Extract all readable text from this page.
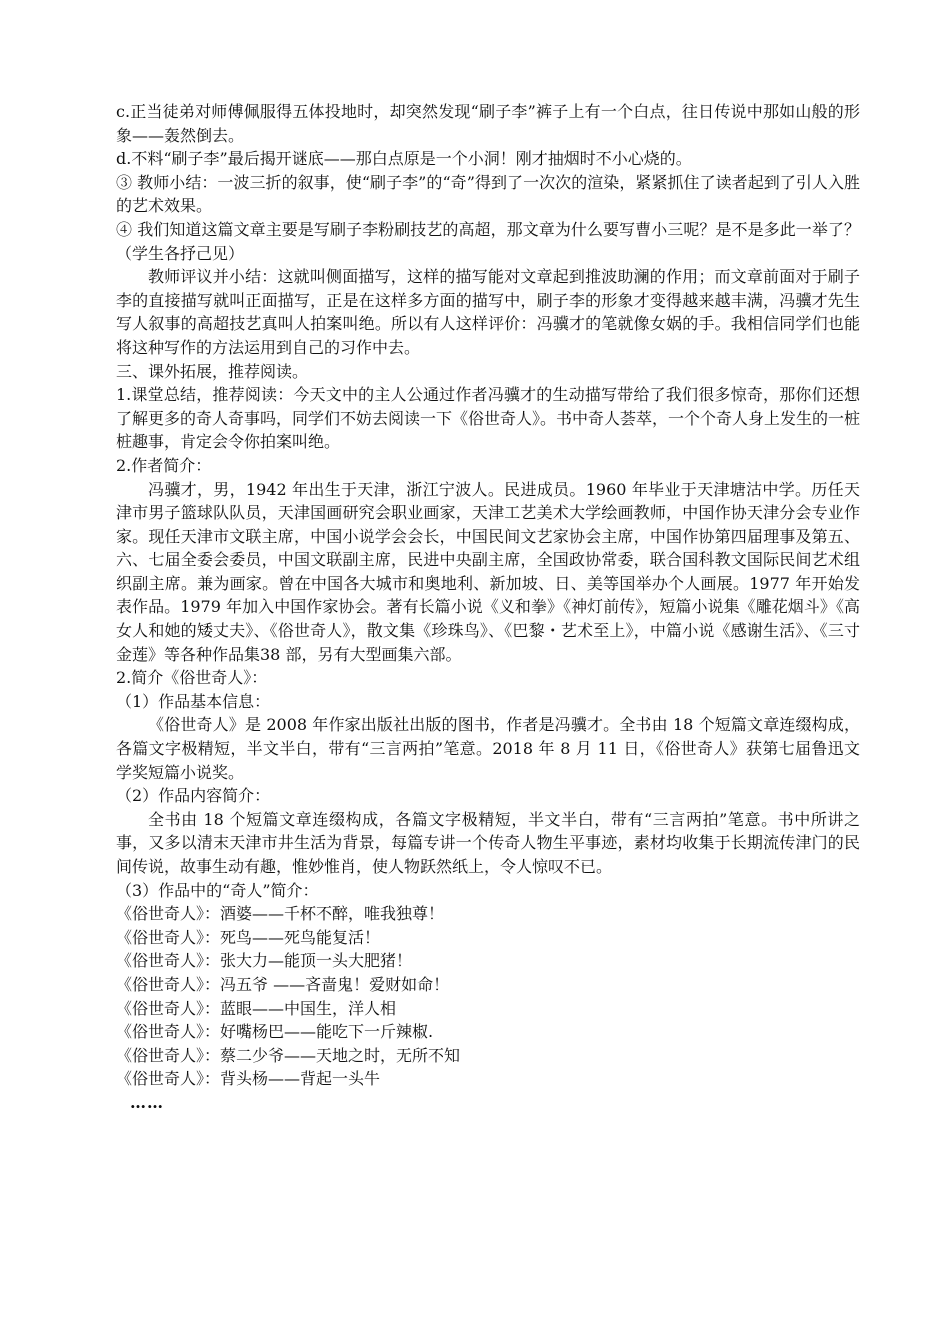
c.正当徒弟对师傅佩服得五体投地时，却突然发现“刷子李”裤子上有一个白点，往日传说中那如山般的形象——轰然倒去。

d.不料“刷子李”最后揭开谜底——那白点原是一个小洞！刚才抽烟时不小心烧的。

③ 教师小结：一波三折的叙事，使“刷子李”的“奇”得到了一次次的渲染，紧紧抓住了读者起到了引人入胜的艺术效果。

④ 我们知道这篇文章主要是写刷子李粉刷技艺的高超，那文章为什么要写曹小三呢？是不是多此一举了？（学生各抒己见）

教师评议并小结：这就叫侧面描写，这样的描写能对文章起到推波助澜的作用；而文章前面对于刷子李的直接描写就叫正面描写，正是在这样多方面的描写中，刷子李的形象才变得越来越丰满，冯骥才先生写人叙事的高超技艺真叫人拍案叫绝。所以有人这样评价：冯骥才的笔就像女娲的手。我相信同学们也能将这种写作的方法运用到自己的习作中去。

三、课外拓展，推荐阅读。

1.课堂总结，推荐阅读：今天文中的主人公通过作者冯骥才的生动描写带给了我们很多惊奇，那你们还想了解更多的奇人奇事吗，同学们不妨去阅读一下《俗世奇人》。书中奇人荟萃，一个个奇人身上发生的一桩桩趣事，肯定会令你拍案叫绝。

2.作者简介：

冯骥才，男，1942 年出生于天津，浙江宁波人。民进成员。1960 年毕业于天津塘沽中学。历任天津市男子篮球队队员，天津国画研究会职业画家，天津工艺美术大学绘画教师，中国作协天津分会专业作家。现任天津市文联主席，中国小说学会会长，中国民间文艺家协会主席，中国作协第四届理事及第五、六、七届全委会委员，中国文联副主席，民进中央副主席，全国政协常委，联合国科教文国际民间艺术组织副主席。兼为画家。曾在中国各大城市和奥地利、新加坡、日、美等国举办个人画展。1977 年开始发表作品。1979 年加入中国作家协会。著有长篇小说《义和拳》《神灯前传》，短篇小说集《雕花烟斗》《高女人和她的矮丈夫》、《俗世奇人》，散文集《珍珠鸟》、《巴黎・艺术至上》，中篇小说《感谢生活》、《三寸金莲》等各种作品集38 部，另有大型画集六部。

2.简介《俗世奇人》：

（1）作品基本信息：

《俗世奇人》是 2008 年作家出版社出版的图书，作者是冯骥才。全书由 18 个短篇文章连缀构成，各篇文字极精短，半文半白，带有“三言两拍”笔意。2018 年 8 月 11 日，《俗世奇人》获第七届鲁迅文学奖短篇小说奖。

（2）作品内容简介：

全书由 18 个短篇文章连缀构成，各篇文字极精短，半文半白，带有“三言两拍”笔意。书中所讲之事，又多以清末天津市井生活为背景，每篇专讲一个传奇人物生平事迹，素材均收集于长期流传津门的民间传说，故事生动有趣，惟妙惟肖，使人物跃然纸上，令人惊叹不已。

（3）作品中的“奇人”简介：

《俗世奇人》：酒婆——千杯不醉，唯我独尊！

《俗世奇人》：死鸟——死鸟能复活！

《俗世奇人》：张大力—能顶一头大肥猪！

《俗世奇人》：冯五爷 ——吝啬鬼！爱财如命！

《俗世奇人》：蓝眼——中国生，洋人相

《俗世奇人》：好嘴杨巴——能吃下一斤辣椒.

《俗世奇人》：蔡二少爷——天地之时，无所不知

《俗世奇人》：背头杨——背起一头牛

……
